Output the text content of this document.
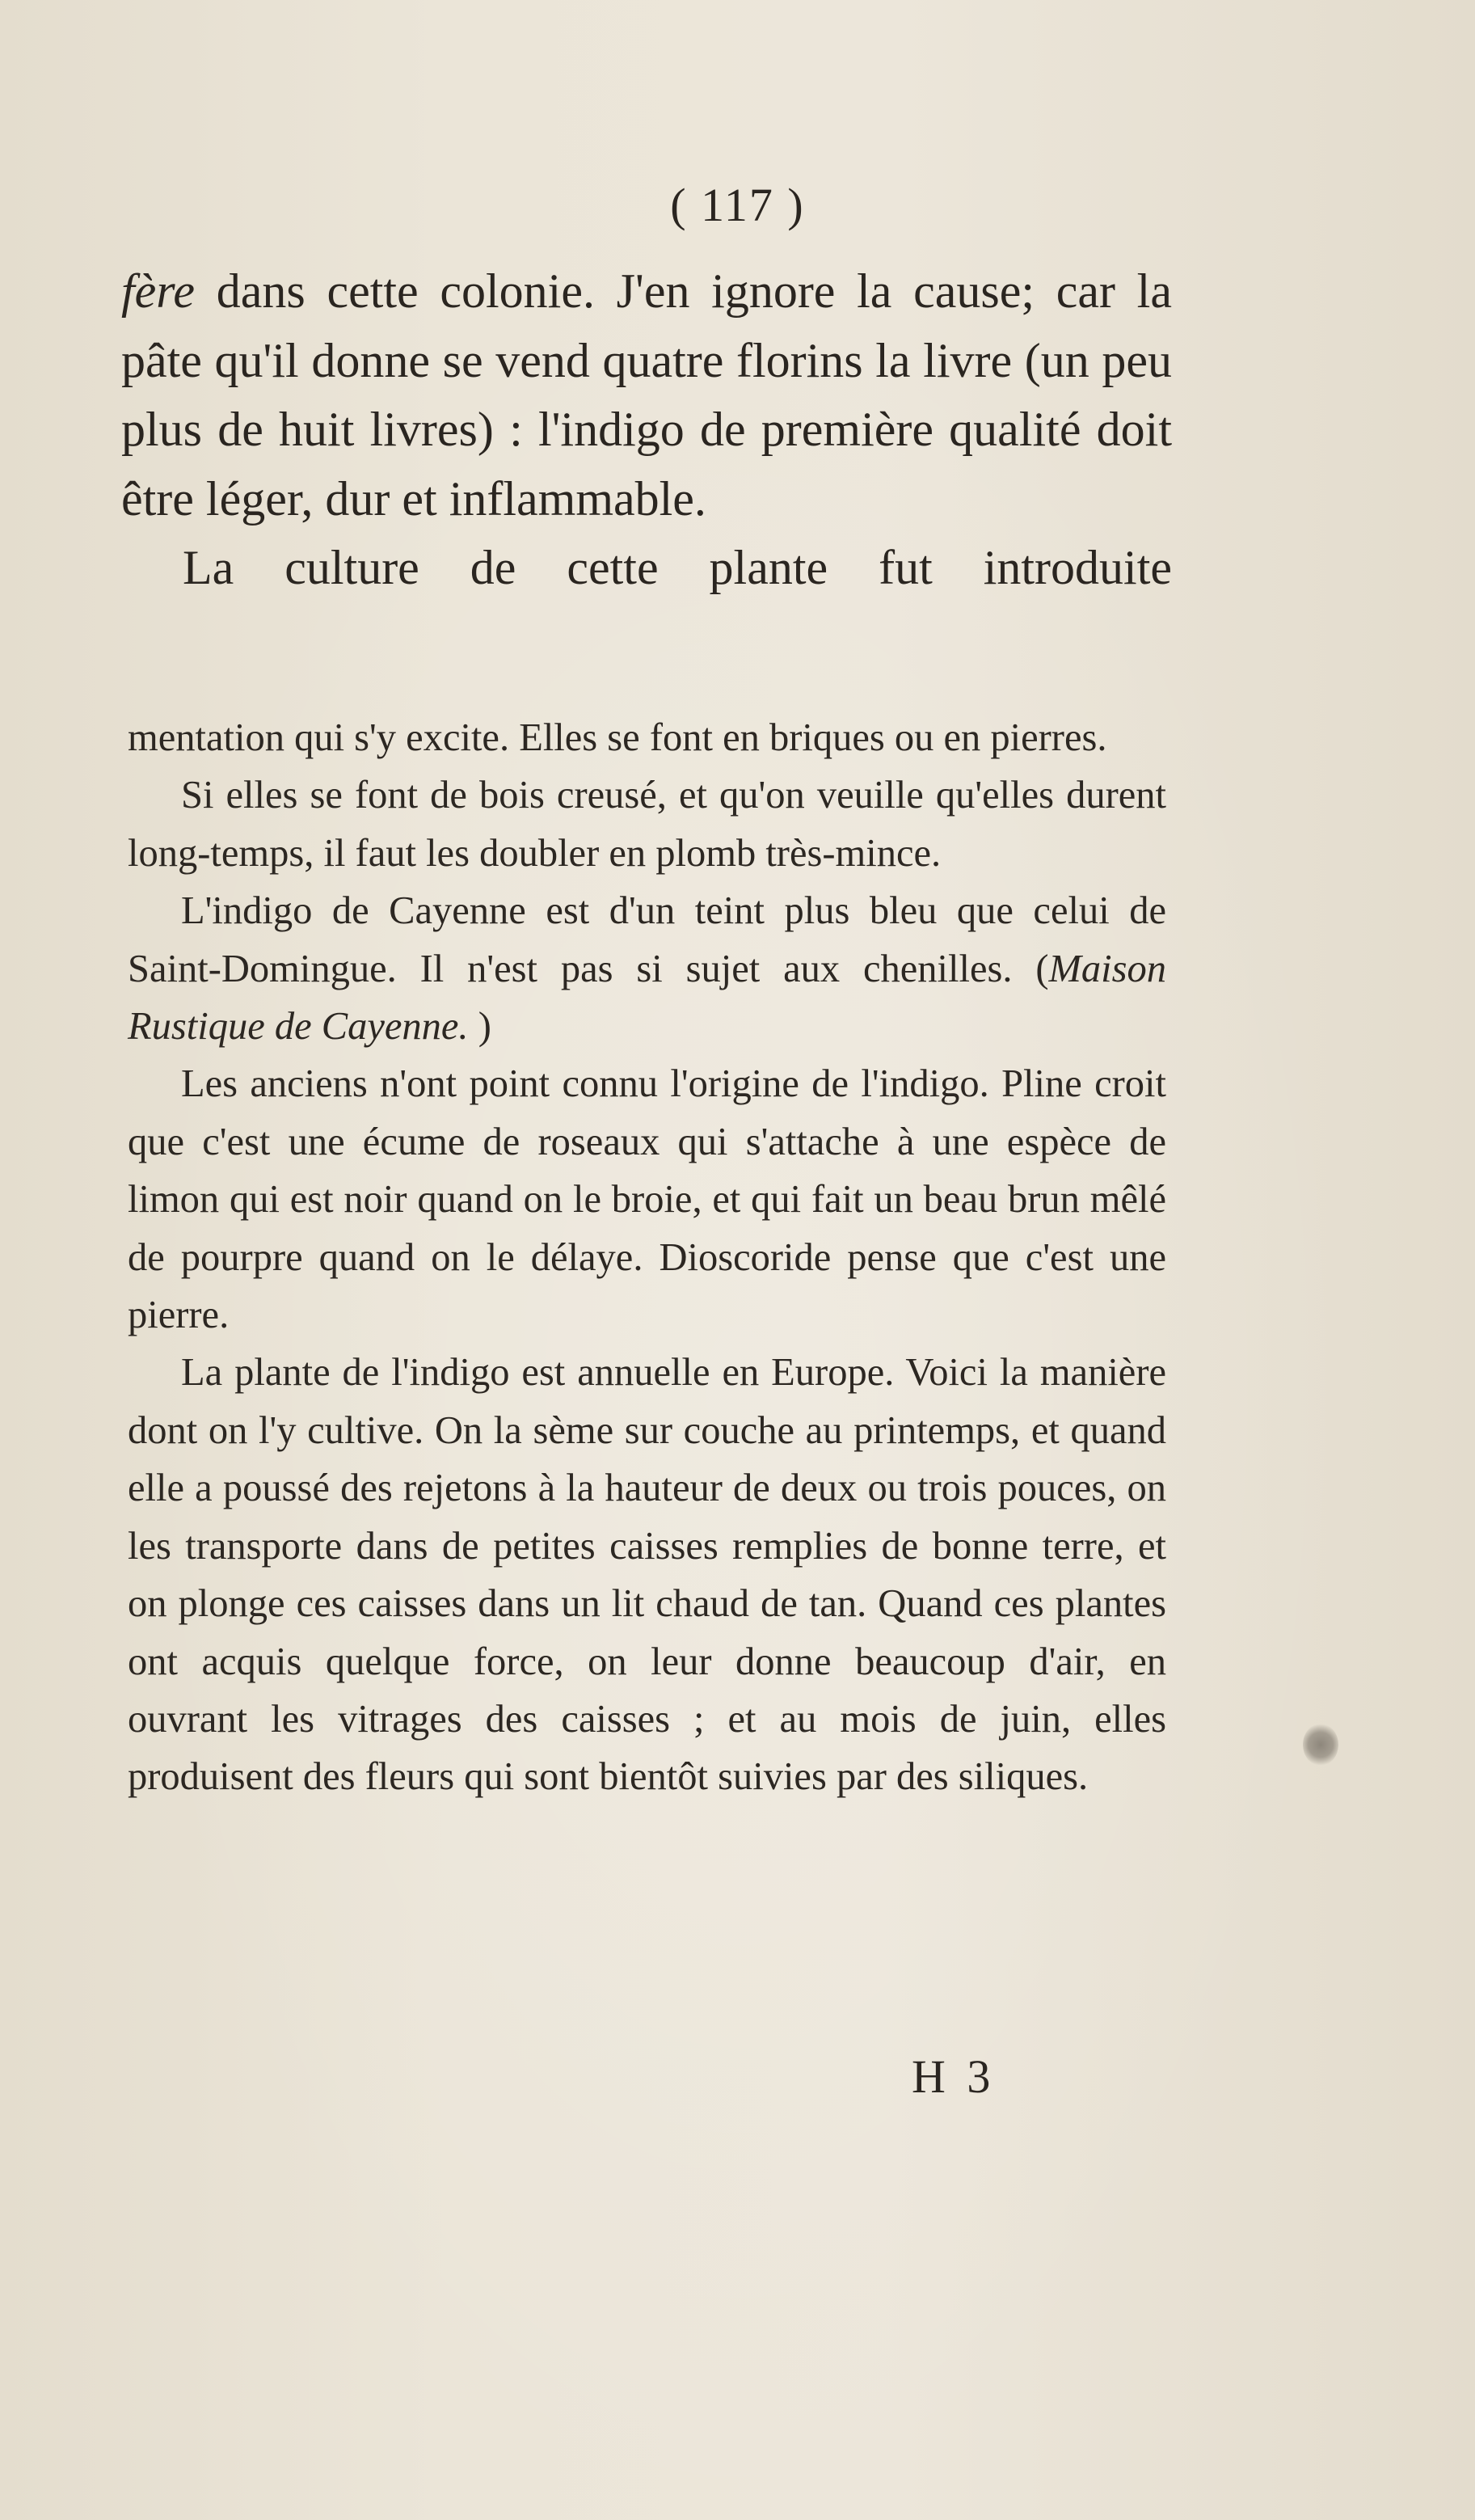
( 117 )

fère dans cette colonie. J'en ignore la cause; car la pâte qu'il donne se vend quatre florins la livre (un peu plus de huit livres) : l'indigo de première qualité doit être léger, dur et inflammable.

La culture de cette plante fut introduite

mentation qui s'y excite. Elles se font en briques ou en pierres.

Si elles se font de bois creusé, et qu'on veuille qu'elles durent long-temps, il faut les doubler en plomb très-mince.

L'indigo de Cayenne est d'un teint plus bleu que celui de Saint-Domingue. Il n'est pas si sujet aux chenilles. (Maison Rustique de Cayenne. )

Les anciens n'ont point connu l'origine de l'indigo. Pline croit que c'est une écume de roseaux qui s'attache à une espèce de limon qui est noir quand on le broie, et qui fait un beau brun mêlé de pourpre quand on le délaye. Dioscoride pense que c'est une pierre.

La plante de l'indigo est annuelle en Europe. Voici la manière dont on l'y cultive. On la sème sur couche au printemps, et quand elle a poussé des rejetons à la hauteur de deux ou trois pouces, on les transporte dans de petites caisses remplies de bonne terre, et on plonge ces caisses dans un lit chaud de tan. Quand ces plantes ont acquis quelque force, on leur donne beaucoup d'air, en ouvrant les vitrages des caisses ; et au mois de juin, elles produisent des fleurs qui sont bientôt suivies par des siliques.

H 3
